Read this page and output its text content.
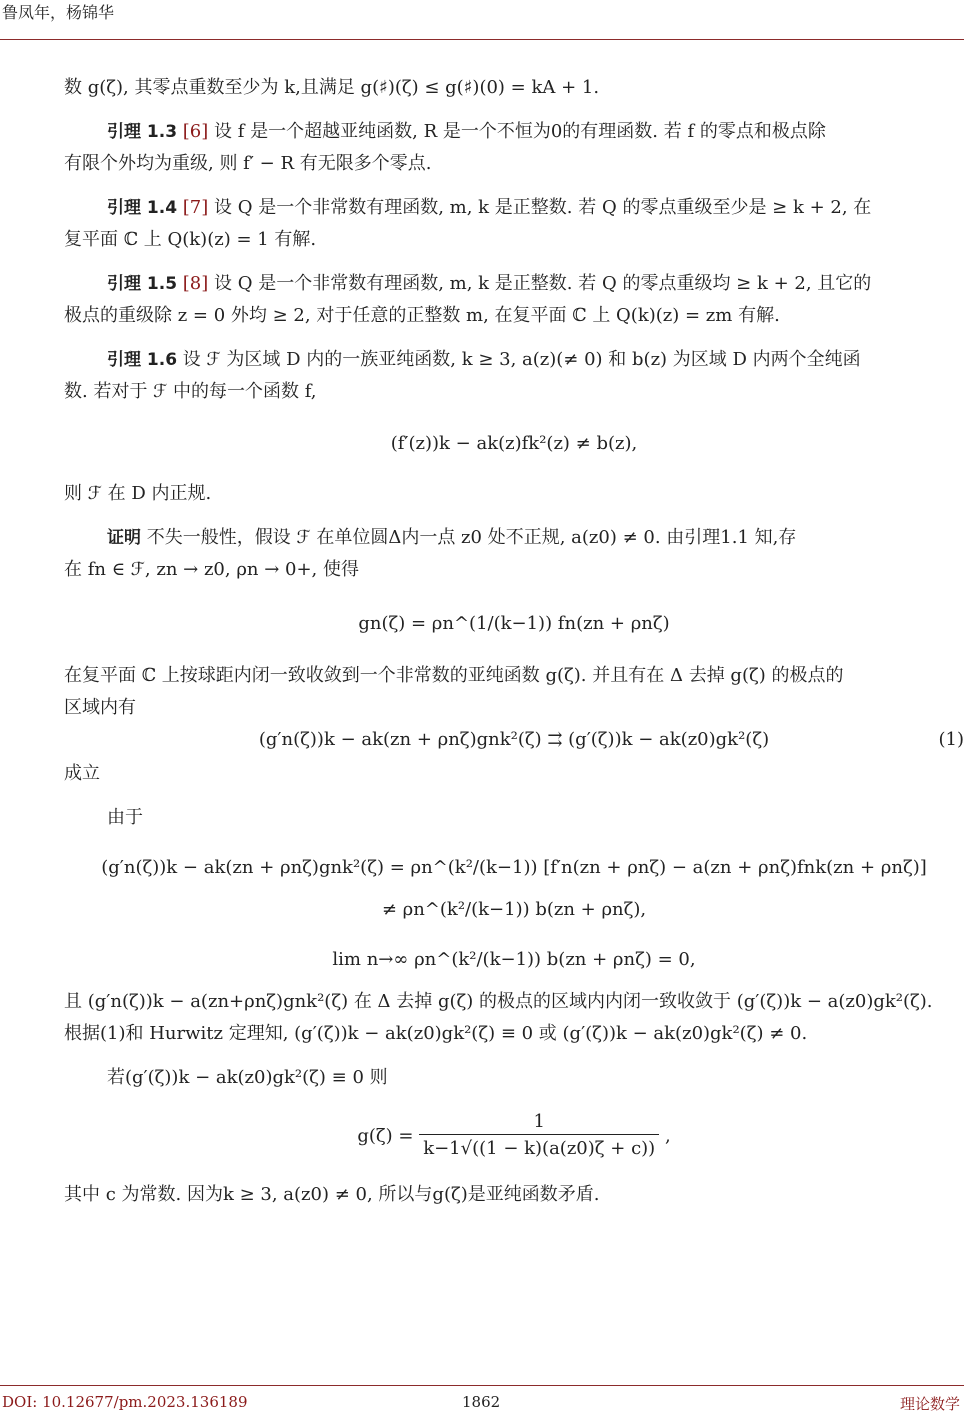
鲁凤年，杨锦华

数 g(ζ), 其零点重数至少为 k,且满足 g(♯)(ζ) ≤ g(♯)(0) = kA + 1.

引理 1.3 [6] 设 f 是一个超越亚纯函数, R 是一个不恒为0的有理函数. 若 f 的零点和极点除

有限个外均为重级, 则 f′ − R 有无限多个零点.

引理 1.4 [7] 设 Q 是一个非常数有理函数, m, k 是正整数. 若 Q 的零点重级至少是 ≥ k + 2, 在

复平面 ℂ 上 Q(k)(z) = 1 有解.

引理 1.5 [8] 设 Q 是一个非常数有理函数, m, k 是正整数. 若 Q 的零点重级均 ≥ k + 2, 且它的

极点的重级除 z = 0 外均 ≥ 2, 对于任意的正整数 m, 在复平面 ℂ 上 Q(k)(z) = zm 有解.

引理 1.6 设 ℱ 为区域 D 内的一族亚纯函数, k ≥ 3, a(z)(≠ 0) 和 b(z) 为区域 D 内两个全纯函

数. 若对于 ℱ 中的每一个函数 f,

(f′(z))k − ak(z)fk²(z) ≠ b(z),

则 ℱ 在 D 内正规.

证明 不失一般性，假设 ℱ 在单位圆Δ内一点 z0 处不正规, a(z0) ≠ 0. 由引理1.1 知,存

在 fn ∈ ℱ, zn → z0, ρn → 0+, 使得

gn(ζ) = ρn^(1/(k−1)) fn(zn + ρnζ)

在复平面 ℂ 上按球距内闭一致收敛到一个非常数的亚纯函数 g(ζ). 并且有在 Δ 去掉 g(ζ) 的极点的

区域内有

(g′n(ζ))k − ak(zn + ρnζ)gnk²(ζ) ⇉ (g′(ζ))k − ak(z0)gk²(ζ)	(1)

成立

由于

(g′n(ζ))k − ak(zn + ρnζ)gnk²(ζ) = ρn^(k²/(k−1)) [f′n(zn + ρnζ) − a(zn + ρnζ)fnk(zn + ρnζ)]
≠ ρn^(k²/(k−1)) b(zn + ρnζ),
lim n→∞ ρn^(k²/(k−1)) b(zn + ρnζ) = 0,

且 (g′n(ζ))k − a(zn+ρnζ)gnk²(ζ) 在 Δ 去掉 g(ζ) 的极点的区域内内闭一致收敛于 (g′(ζ))k − a(z0)gk²(ζ).

根据(1)和 Hurwitz 定理知, (g′(ζ))k − ak(z0)gk²(ζ) ≡ 0 或 (g′(ζ))k − ak(z0)gk²(ζ) ≠ 0.

若(g′(ζ))k − ak(z0)gk²(ζ) ≡ 0 则

$g(\zeta) = \frac{1}{k-1√((1 - k)(a(z0)\zeta + c))}$ ,

其中 c 为常数. 因为k ≥ 3, a(z0) ≠ 0, 所以与g(ζ)是亚纯函数矛盾.

DOI: 10.12677/pm.2023.136189	1862	理论数学
